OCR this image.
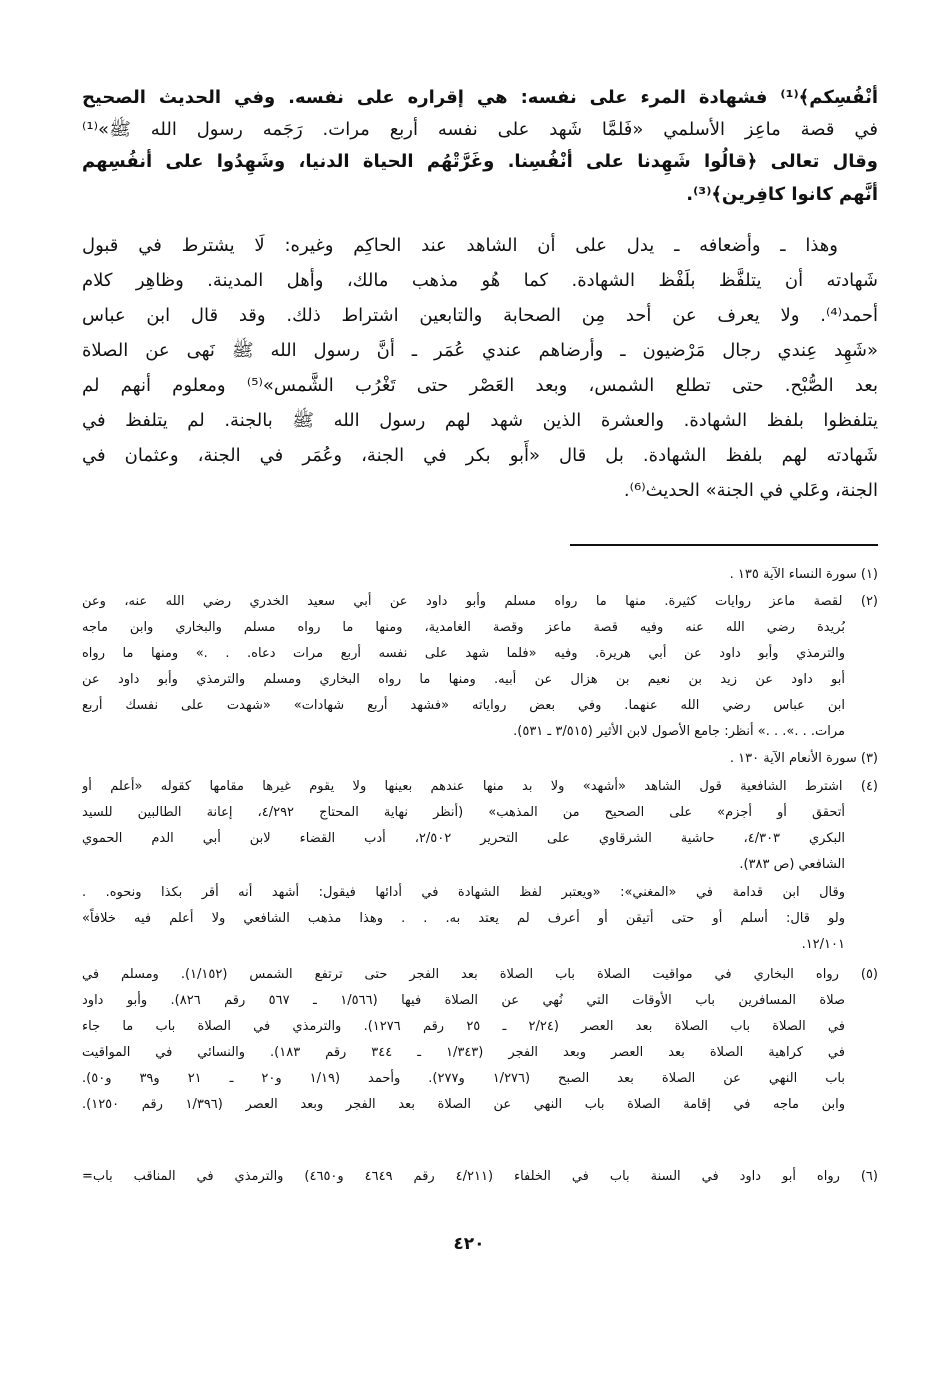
أنْفُسِكم﴾⁽¹⁾ فشهادة المرء على نفسه: هي إقراره على نفسه. وفي الحديث الصحيح
في قصة ماعِز الأسلمي «فَلمَّا شَهد على نفسه أربع مرات. رَجَمه رسول الله ﷺ»⁽¹⁾
وقال تعالى ﴿قالُوا شَهِدنا على أنْفُسِنا. وغَرَّتْهُم الحياة الدنيا، وشَهِدُوا على أنفُسِهم
أنَّهم كانوا كافِرين﴾⁽³⁾.
وهذا ـ وأضعافه ـ يدل على أن الشاهد عند الحاكِم وغيره: لَا يشترط في قبول
شَهادته أن يتلفَّظ بلَفْظ الشهادة. كما هُو مذهب مالك، وأهل المدينة. وظاهِر كلام
أحمد⁽⁴⁾. ولا يعرف عن أحد مِن الصحابة والتابعين اشتراط ذلك. وقد قال ابن عباس
«شَهِد عِندي رجال مَرْضيون ـ وأرضاهم عندي عُمَر ـ أنَّ رسول الله ﷺ نَهى عن الصلاة
بعد الصُّبْح. حتى تطلع الشمس، وبعد العَصْر حتى تَغْرُب الشَّمس»⁽⁵⁾ ومعلوم أنهم لم
يتلفظوا بلفظ الشهادة. والعشرة الذين شهد لهم رسول الله ﷺ بالجنة. لم يتلفظ في
شَهادته لهم بلفظ الشهادة. بل قال «أَبو بكر في الجنة، وعُمَر في الجنة، وعثمان في
الجنة، وعَلي في الجنة» الحديث⁽⁶⁾.
(١) سورة النساء الآية ١٣٥ .
(٢) لقصة ماعز روايات كثيرة. منها ما رواه مسلم وأبو داود عن أبي سعيد الخدري رضي الله عنه، وعن
بُريدة رضي الله عنه وفيه قصة ماعز وقصة الغامدية، ومنها ما رواه مسلم والبخاري وابن ماجه
والترمذي وأبو داود عن أبي هريرة. وفيه «فلما شهد على نفسه أربع مرات دعاه. . .» ومنها ما رواه
أبو داود عن زيد بن نعيم بن هزال عن أبيه. ومنها ما رواه البخاري ومسلم والترمذي وأبو داود عن
ابن عباس رضي الله عنهما. وفي بعض رواياته «فشهد أربع شهادات» «شهدت على نفسك أربع
مرات. . .». . .» أنظر: جامع الأصول لابن الأثير (٣/٥١٥ ـ ٥٣١).
(٣) سورة الأنعام الآية ١٣٠ .
(٤) اشترط الشافعية قول الشاهد «أشهد» ولا بد منها عندهم بعينها ولا يقوم غيرها مقامها كقوله «أعلم أو
أتحقق أو أجزم» على الصحيح من المذهب» (أنظر نهاية المحتاج ٤/٢٩٢، إعانة الطالبين للسيد
البكري ٤/٣٠٣، حاشية الشرقاوي على التحرير ٢/٥٠٢، أدب القضاء لابن أبي الدم الحموي
الشافعي (ص ٣٨٣).
وقال ابن قدامة في «المغني»: «ويعتبر لفظ الشهادة في أدائها فيقول: أشهد أنه أقر بكذا ونحوه. .
ولو قال: أسلم أو حتى أتيقن أو أعرف لم يعتد به. . . وهذا مذهب الشافعي ولا أعلم فيه خلافاً»
١٢/١٠١.
(٥) رواه البخاري في مواقيت الصلاة باب الصلاة بعد الفجر حتى ترتفع الشمس (١/١٥٢). ومسلم في
صلاة المسافرين باب الأوقات التي نُهي عن الصلاة فيها (١/٥٦٦ ـ ٥٦٧ رقم ٨٢٦). وأبو داود
في الصلاة باب الصلاة بعد العصر (٢/٢٤ ـ ٢٥ رقم ١٢٧٦). والترمذي في الصلاة باب ما جاء
في كراهية الصلاة بعد العصر وبعد الفجر (١/٣٤٣ ـ ٣٤٤ رقم ١٨٣). والنسائي في المواقيت
باب النهي عن الصلاة بعد الصبح (١/٢٧٦ و٢٧٧). وأحمد (١/١٩ و٢٠ ـ ٢١ و٣٩ و٥٠).
وابن ماجه في إقامة الصلاة باب النهي عن الصلاة بعد الفجر وبعد العصر (١/٣٩٦ رقم ١٢٥٠).
(٦) رواه أبو داود في السنة باب في الخلفاء (٤/٢١١ رقم ٤٦٤٩ و٤٦٥٠) والترمذي في المناقب باب=
٤٢٠
